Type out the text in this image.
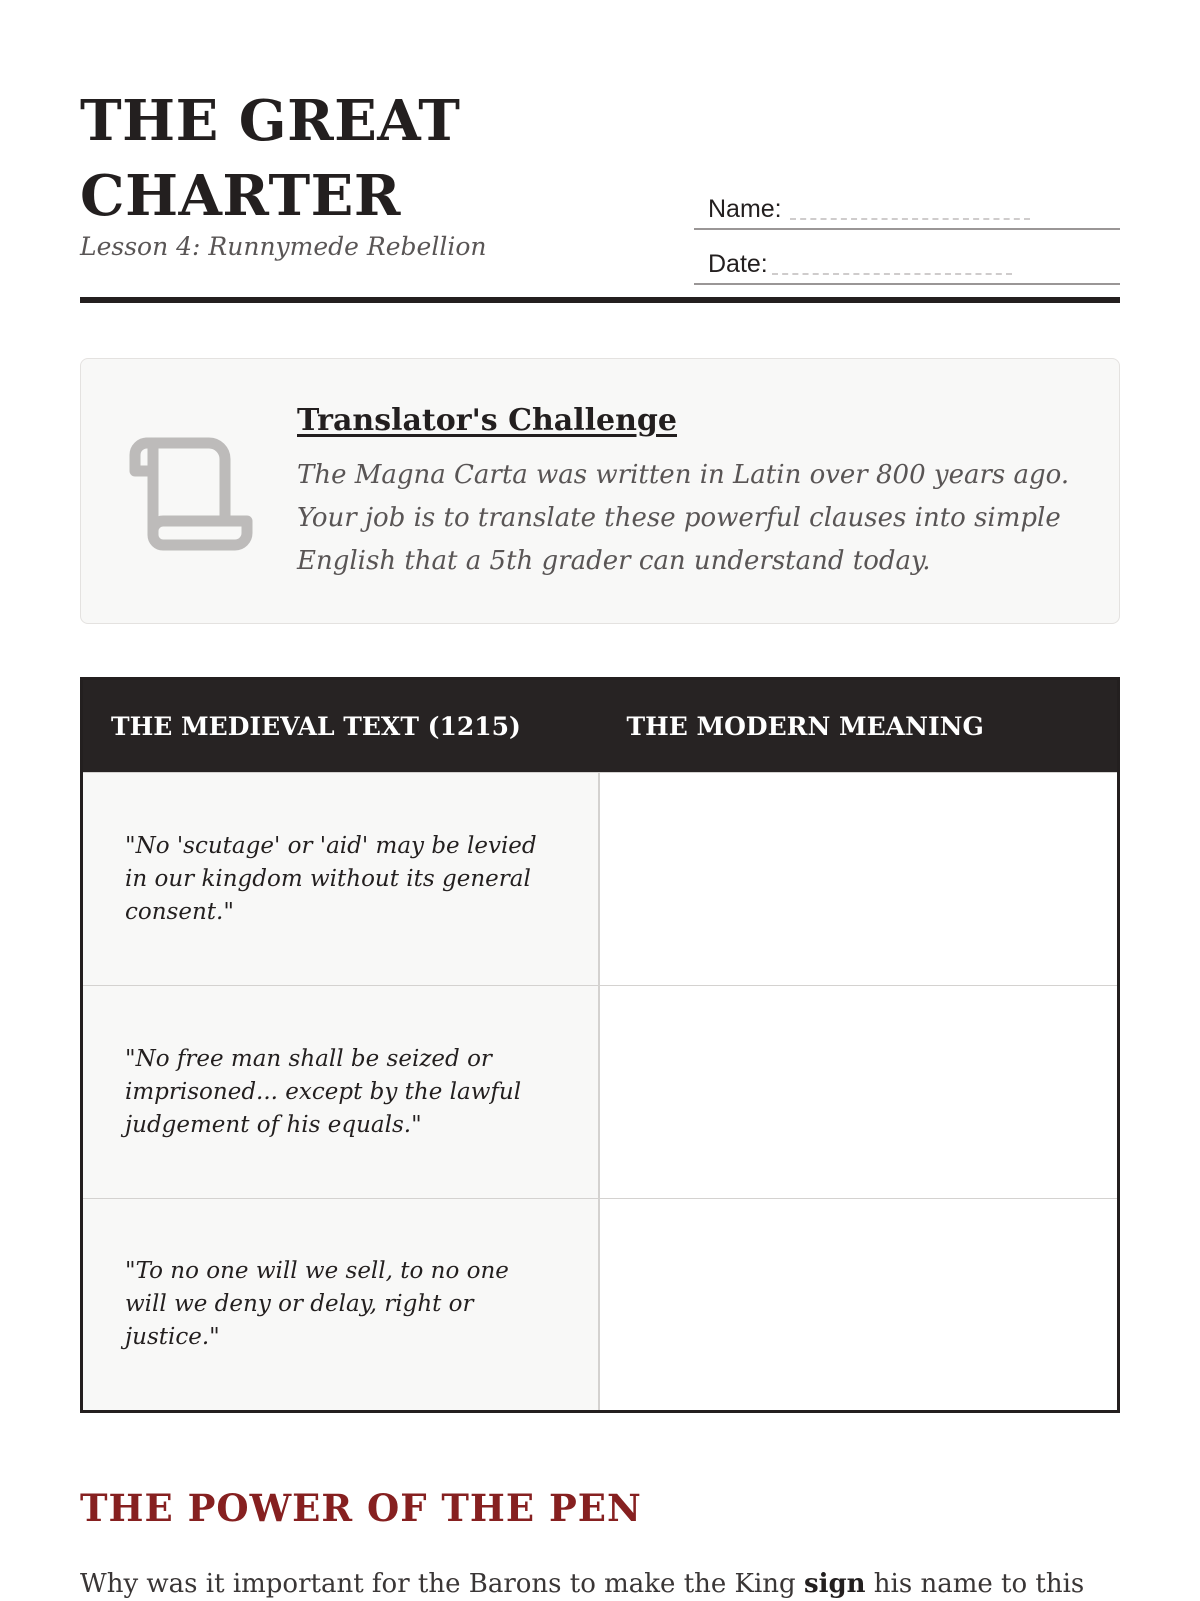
THE GREAT
CHARTER
Lesson 4: Runnymede Rebellion
Name:
Date:
Translator's Challenge

The Magna Carta was written in Latin over 800 years ago. Your job is to translate these powerful clauses into simple English that a 5th grader can understand today.

THE MEDIEVAL TEXT (1215)	THE MODERN MEANING
"No 'scutage' or 'aid' may be levied in our kingdom without its general consent."	
"No free man shall be seized or imprisoned... except by the lawful judgement of his equals."	
"To no one will we sell, to no one will we deny or delay, right or justice."	
THE POWER OF THE PEN

Why was it important for the Barons to make the King sign his name to this
